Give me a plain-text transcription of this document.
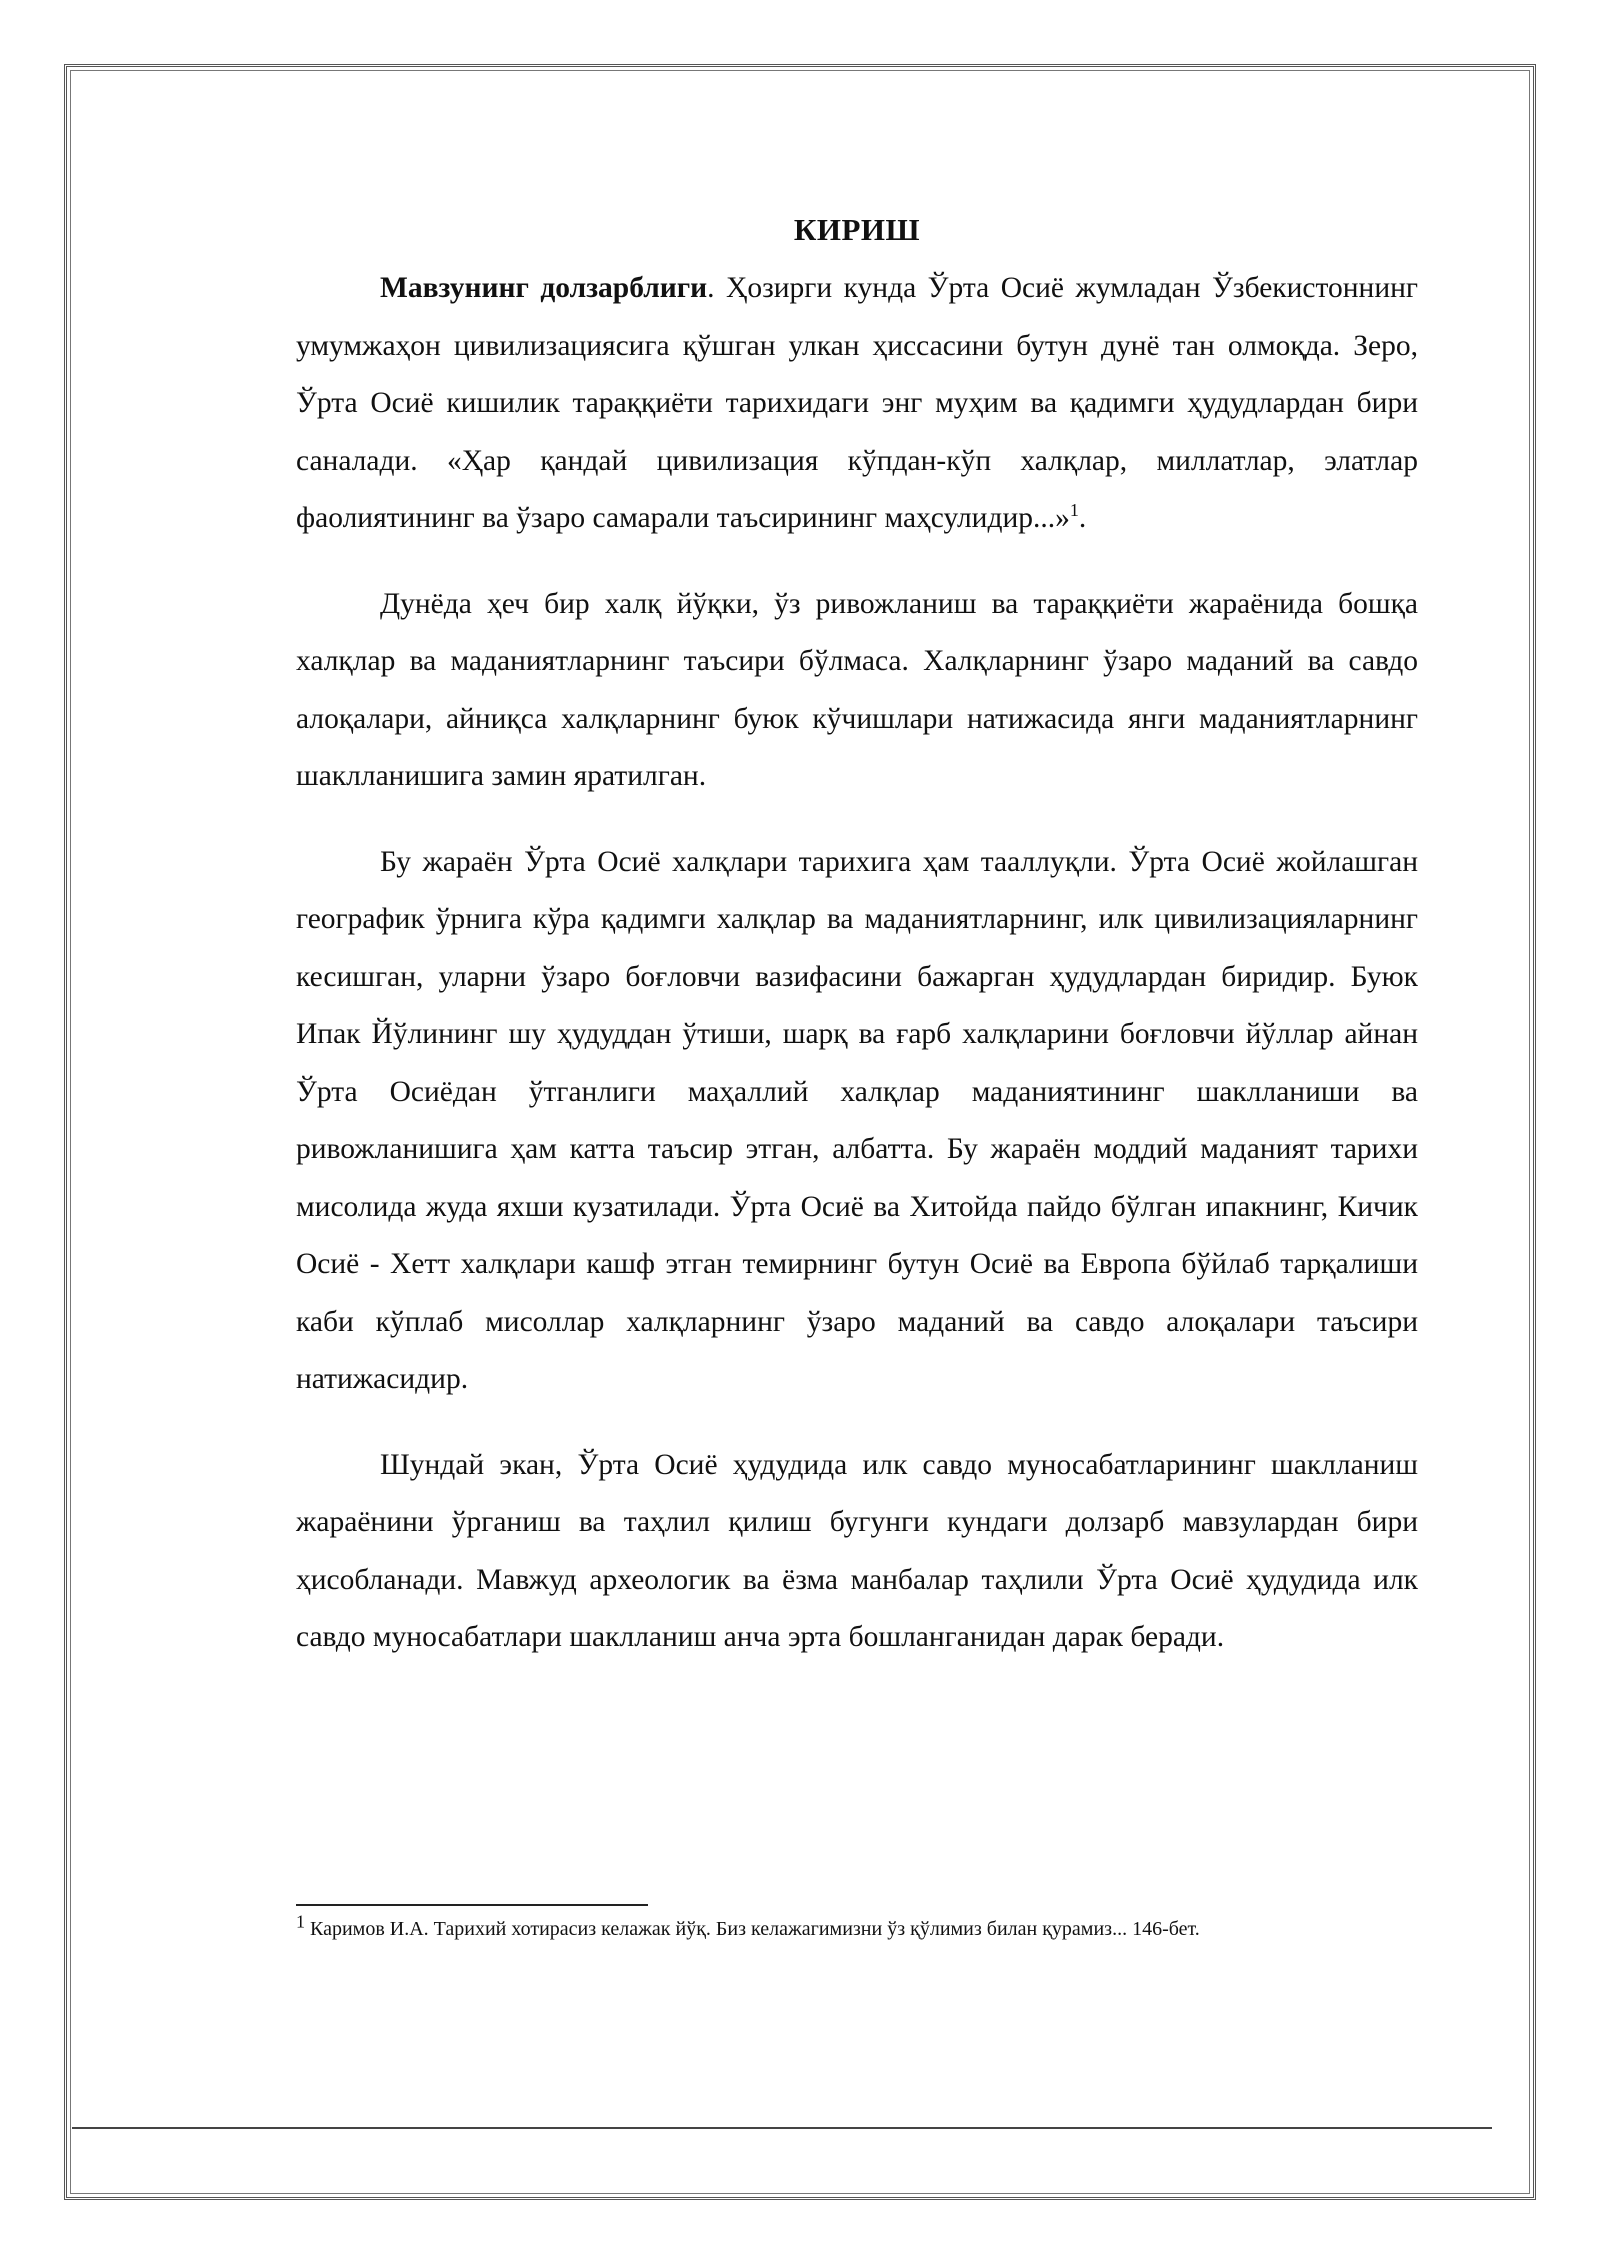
КИРИШ

Мавзунинг долзарблиги. Ҳозирги кунда Ўрта Осиё жумладан Ўзбекистоннинг умумжаҳон цивилизациясига қўшган улкан ҳиссасини бутун дунё тан олмоқда. Зеро, Ўрта Осиё кишилик тараққиёти тарихидаги энг муҳим ва қадимги ҳудудлардан бири саналади. «Ҳар қандай цивилизация кўпдан-кўп халқлар, миллатлар, элатлар фаолиятининг ва ўзаро самарали таъсирининг маҳсулидир...»$^1$.

Дунёда ҳеч бир халқ йўқки, ўз ривожланиш ва тараққиёти жараёнида бошқа халқлар ва маданиятларнинг таъсири бўлмаса. Халқларнинг ўзаро маданий ва савдо алоқалари, айниқса халқларнинг буюк кўчишлари натижасида янги маданиятларнинг шаклланишига замин яратилган.

Бу жараён Ўрта Осиё халқлари тарихига ҳам тааллуқли. Ўрта Осиё жойлашган географик ўрнига кўра қадимги халқлар ва маданиятларнинг, илк цивилизацияларнинг кесишган, уларни ўзаро боғловчи вазифасини бажарган ҳудудлардан биридир. Буюк Ипак Йўлининг шу ҳудуддан ўтиши, шарқ ва ғарб халқларини боғловчи йўллар айнан Ўрта Осиёдан ўтганлиги маҳаллий халқлар маданиятининг шаклланиши ва ривожланишига ҳам катта таъсир этган, албатта. Бу жараён моддий маданият тарихи мисолида жуда яхши кузатилади. Ўрта Осиё ва Хитойда пайдо бўлган ипакнинг, Кичик Осиё - Хетт халқлари кашф этган темирнинг бутун Осиё ва Европа бўйлаб тарқалиши каби кўплаб мисоллар халқларнинг ўзаро маданий ва савдо алоқалари таъсири натижасидир.

Шундай экан, Ўрта Осиё ҳудудида илк савдо муносабатларининг шаклланиш жараёнини ўрганиш ва таҳлил қилиш бугунги кундаги долзарб мавзулардан бири ҳисобланади. Мавжуд археологик ва ёзма манбалар таҳлили Ўрта Осиё ҳудудида илк савдо муносабатлари шаклланиш анча эрта бошланганидан дарак беради.

$^1$ Каримов И.А. Тарихий хотирасиз келажак йўқ. Биз келажагимизни ўз қўлимиз билан қурамиз... 146-бет.
